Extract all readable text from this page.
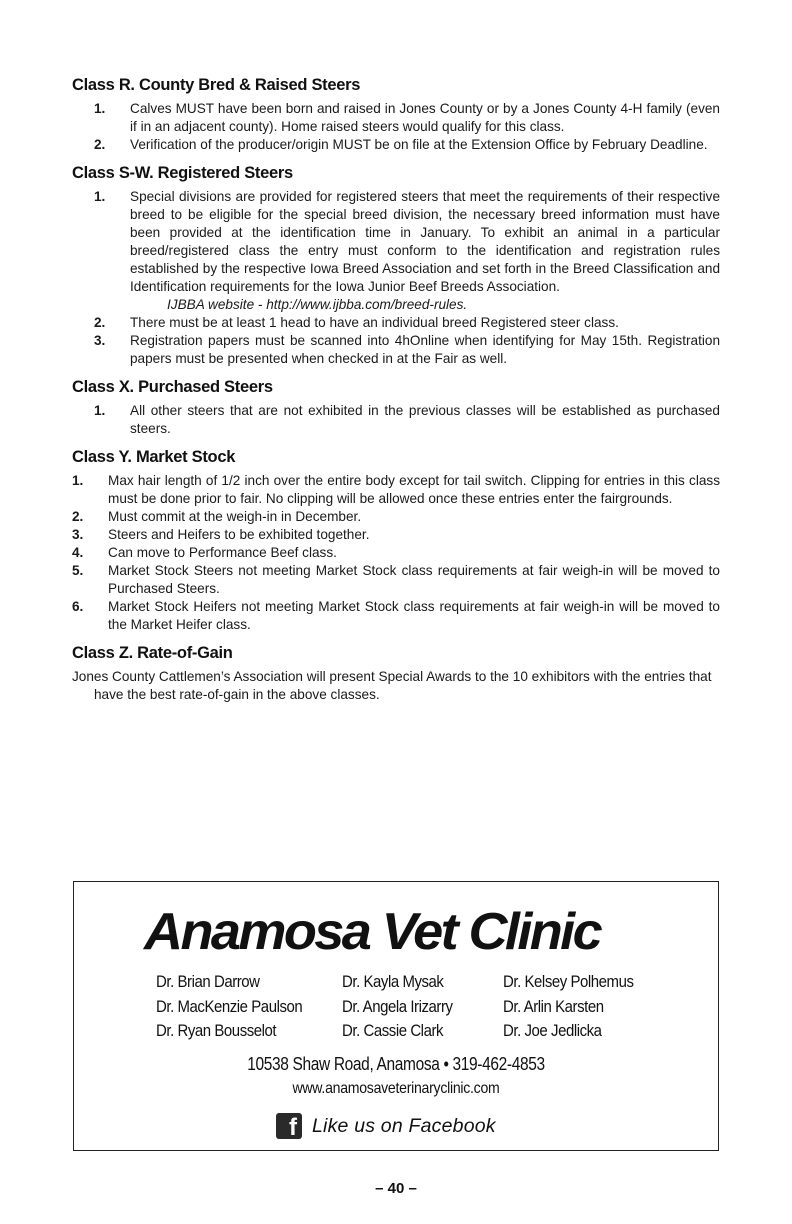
Class R. County Bred & Raised Steers
1.	Calves MUST have been born and raised in Jones County or by a Jones County 4-H family (even if in an adjacent county). Home raised steers would qualify for this class.
2.	Verification of the producer/origin MUST be on file at the Extension Office by February Deadline.
Class S-W. Registered Steers
1.	Special divisions are provided for registered steers that meet the requirements of their respective breed to be eligible for the special breed division, the necessary breed information must have been provided at the identification time in January. To exhibit an animal in a particular breed/registered class the entry must conform to the identification and registration rules established by the respective Iowa Breed Association and set forth in the Breed Classification and Identification requirements for the Iowa Junior Beef Breeds Association.
IJBBA website - http://www.ijbba.com/breed-rules.
2.	There must be at least 1 head to have an individual breed Registered steer class.
3.	Registration papers must be scanned into 4hOnline when identifying for May 15th. Registration papers must be presented when checked in at the Fair as well.
Class X. Purchased Steers
1.	All other steers that are not exhibited in the previous classes will be established as purchased steers.
Class Y. Market Stock
1.	Max hair length of 1/2 inch over the entire body except for tail switch. Clipping for entries in this class must be done prior to fair. No clipping will be allowed once these entries enter the fairgrounds.
2.	Must commit at the weigh-in in December.
3.	Steers and Heifers to be exhibited together.
4.	Can move to Performance Beef class.
5.	Market Stock Steers not meeting Market Stock class requirements at fair weigh-in will be moved to Purchased Steers.
6.	Market Stock Heifers not meeting Market Stock class requirements at fair weigh-in will be moved to the Market Heifer class.
Class Z. Rate-of-Gain

Jones County Cattlemen’s Association will present Special Awards to the 10 exhibitors with the entries that have the best rate-of-gain in the above classes.

Anamosa Vet Clinic
Dr. Brian Darrow
Dr. MacKenzie Paulson
Dr. Ryan Bousselot
Dr. Kayla Mysak
Dr. Angela Irizarry
Dr. Cassie Clark
Dr. Kelsey Polhemus
Dr. Arlin Karsten
Dr. Joe Jedlicka
10538 Shaw Road, Anamosa • 319-462-4853
www.anamosaveterinaryclinic.com
f Like us on Facebook
– 40 –
